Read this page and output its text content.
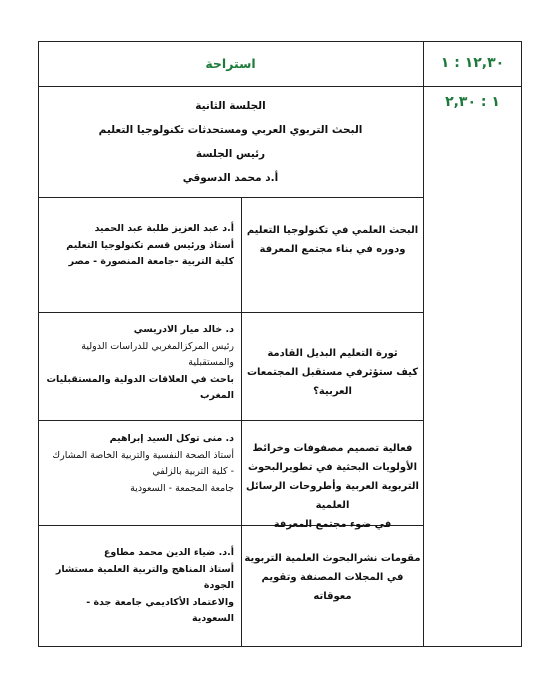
١٢,٣٠ : ١
استراحة
١ : ٢,٣٠

الجلسة الثانية

البحث التربوي العربي ومستحدثات تكنولوجيا التعليم

رئيس الجلسة

أ.د محمد الدسوقي

البحث العلمي في تكنولوجيا التعليم
ودوره في بناء مجتمع المعرفة
أ.د عبد العزيز طلبة عبد الحميد
أستاذ ورئيس قسم تكنولوجيا التعليم
كلية التربية -جامعة المنصورة - مصر
ثورة التعليم البديل القادمة
كيف ستؤثرفي مستقبل المجتمعات العربية؟
د. خالد ميار الادريسي
رئيس المركزالمغربي للدراسات الدولية
والمستقبلية
باحث في العلاقات الدولية والمستقبليات
المغرب
فعالية تصميم مصفوفات وخرائط
الأولويات البحثية في تطويرالبحوث
التربوية العربية وأطروحات الرسائل العلمية
في ضوء مجتمع المعرفة
د. منى توكل السيد إبراهيم
أستاذ الصحة النفسية والتربية الخاصة المشارك
- كلية التربية بالزلفي
جامعة المجمعة - السعودية
مقومات نشرالبحوث العلمية التربوية
في المجلات المصنفة وتقويم معوقاته
أ.د. ضياء الدين محمد مطاوع
أستاذ المناهج والتربية العلمية مستشار الجودة
والاعتماد الأكاديمي جامعة جدة - السعودية
